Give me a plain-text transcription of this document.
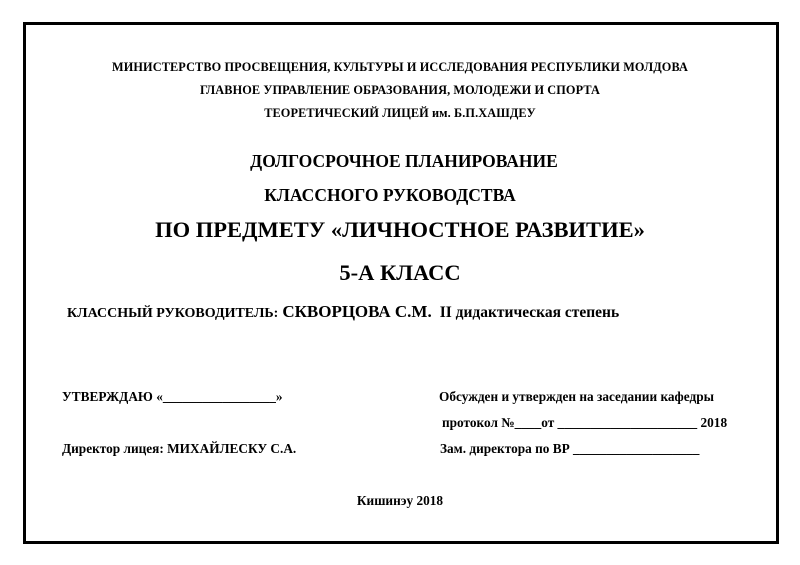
МИНИСТЕРСТВО ПРОСВЕЩЕНИЯ, КУЛЬТУРЫ И ИССЛЕДОВАНИЯ РЕСПУБЛИКИ МОЛДОВА
ГЛАВНОЕ УПРАВЛЕНИЕ ОБРАЗОВАНИЯ, МОЛОДЕЖИ И СПОРТА
ТЕОРЕТИЧЕСКИЙ ЛИЦЕЙ им. Б.П.ХАШДЕУ
ДОЛГОСРОЧНОЕ ПЛАНИРОВАНИЕ
КЛАССНОГО РУКОВОДСТВА
ПО ПРЕДМЕТУ «ЛИЧНОСТНОЕ РАЗВИТИЕ»
5-А КЛАСС
КЛАССНЫЙ РУКОВОДИТЕЛЬ: СКВОРЦОВА С.М. II дидактическая степень
УТВЕРЖДАЮ «_________________»
Директор лицея: МИХАЙЛЕСКУ С.А.
Обсужден и утвержден на заседании кафедры
протокол №____от _____________________ 2018
Зам. директора по ВР ___________________
Кишинэу 2018
